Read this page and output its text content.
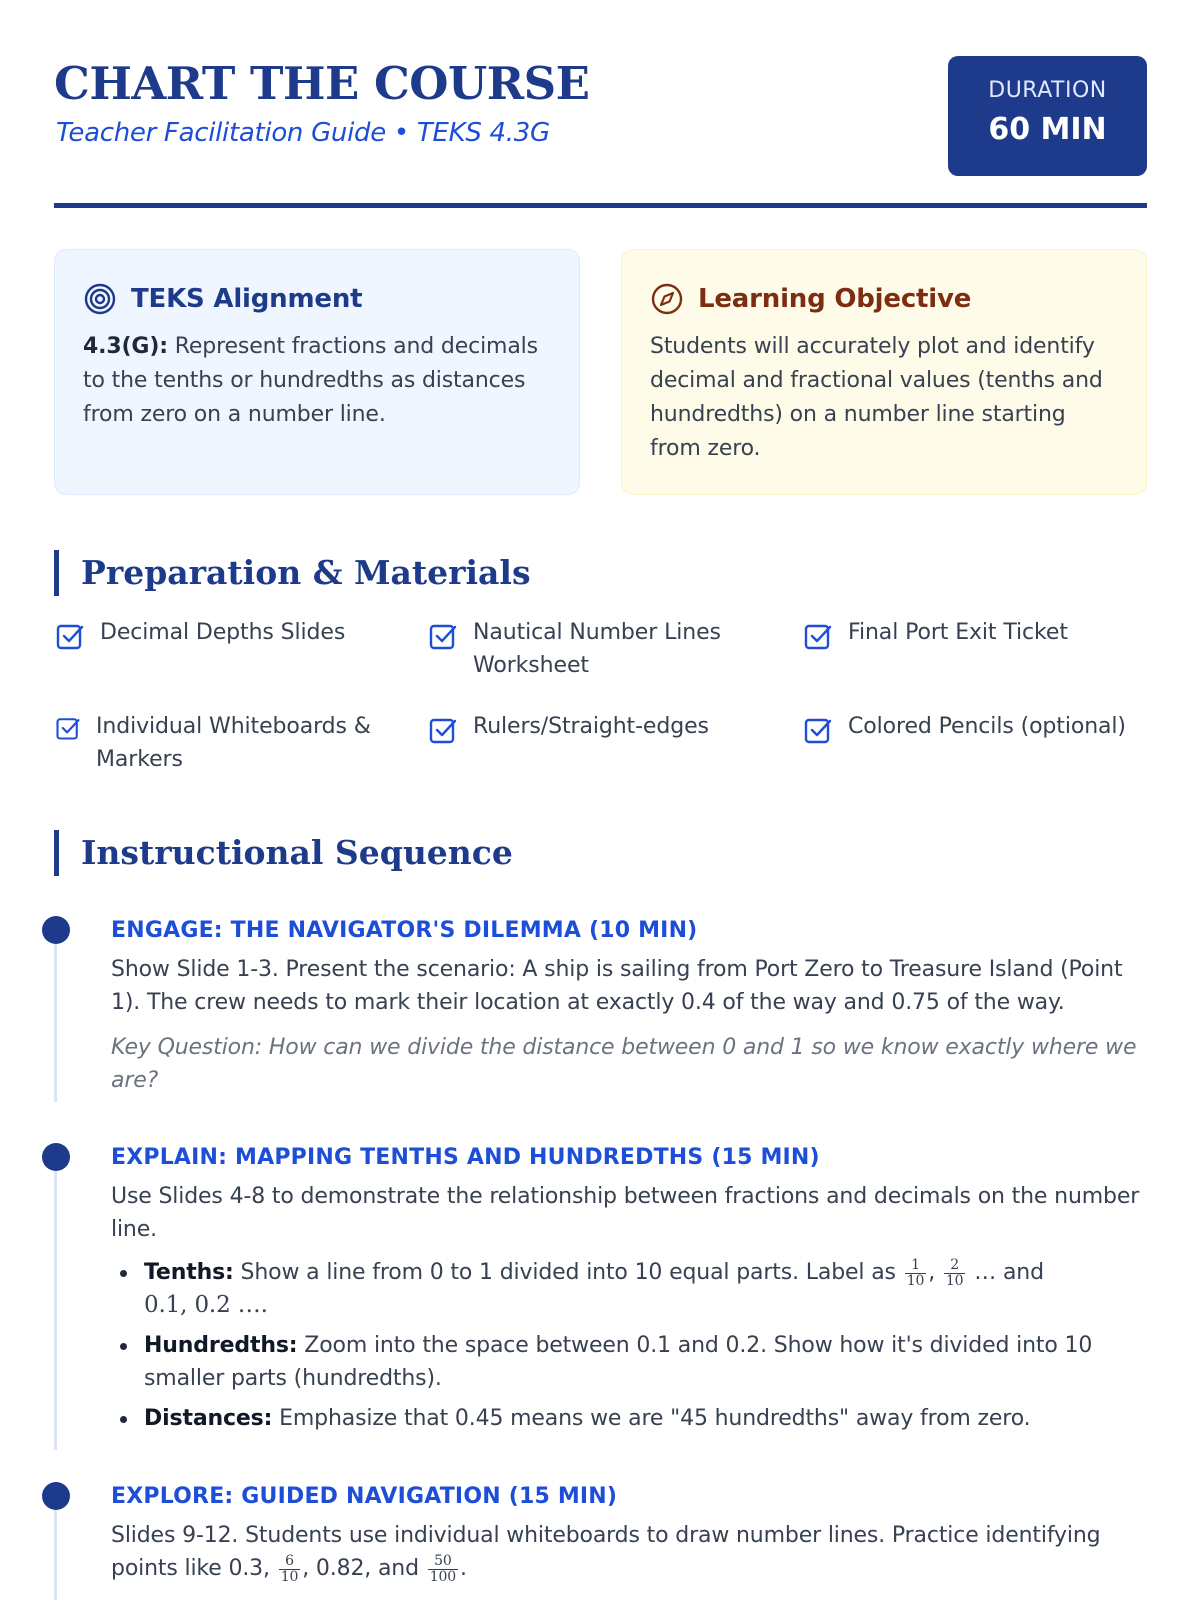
CHART THE COURSE
Teacher Facilitation Guide • TEKS 4.3G
DURATION
60 MIN
TEKS Alignment
4.3(G): Represent fractions and decimals to the tenths or hundredths as distances from zero on a number line.
Learning Objective
Students will accurately plot and identify decimal and fractional values (tenths and hundredths) on a number line starting from zero.
Preparation & Materials
Decimal Depths Slides	Nautical Number Lines Worksheet
Final Port Exit Ticket
Individual Whiteboards & Markers
Rulers/Straight-edges	Colored Pencils (optional)
Instructional Sequence
ENGAGE: THE NAVIGATOR'S DILEMMA (10 MIN)
Show Slide 1-3. Present the scenario: A ship is sailing from Port Zero to Treasure Island (Point 1). The crew needs to mark their location at exactly 0.4 of the way and 0.75 of the way.
Key Question: How can we divide the distance between 0 and 1 so we know exactly where we are?
EXPLAIN: MAPPING TENTHS AND HUNDREDTHS (15 MIN)
Use Slides 4-8 to demonstrate the relationship between fractions and decimals on the number line.
Tenths: Show a line from 0 to 1 divided into 10 equal parts. Label as $\frac{1}{10}$ , $\frac{2}{10}$ … and
0.1, 0.2 ….
Hundredths: Zoom into the space between 0.1 and 0.2. Show how it's divided into 10 smaller parts (hundredths).
Distances: Emphasize that 0.45 means we are "45 hundredths" away from zero.
EXPLORE: GUIDED NAVIGATION (15 MIN)
Slides 9-12. Students use individual whiteboards to draw number lines. Practice identifying points like 0.3, $\frac{6}{10}$ , 0.82, and $\frac{50}{100}$ .
